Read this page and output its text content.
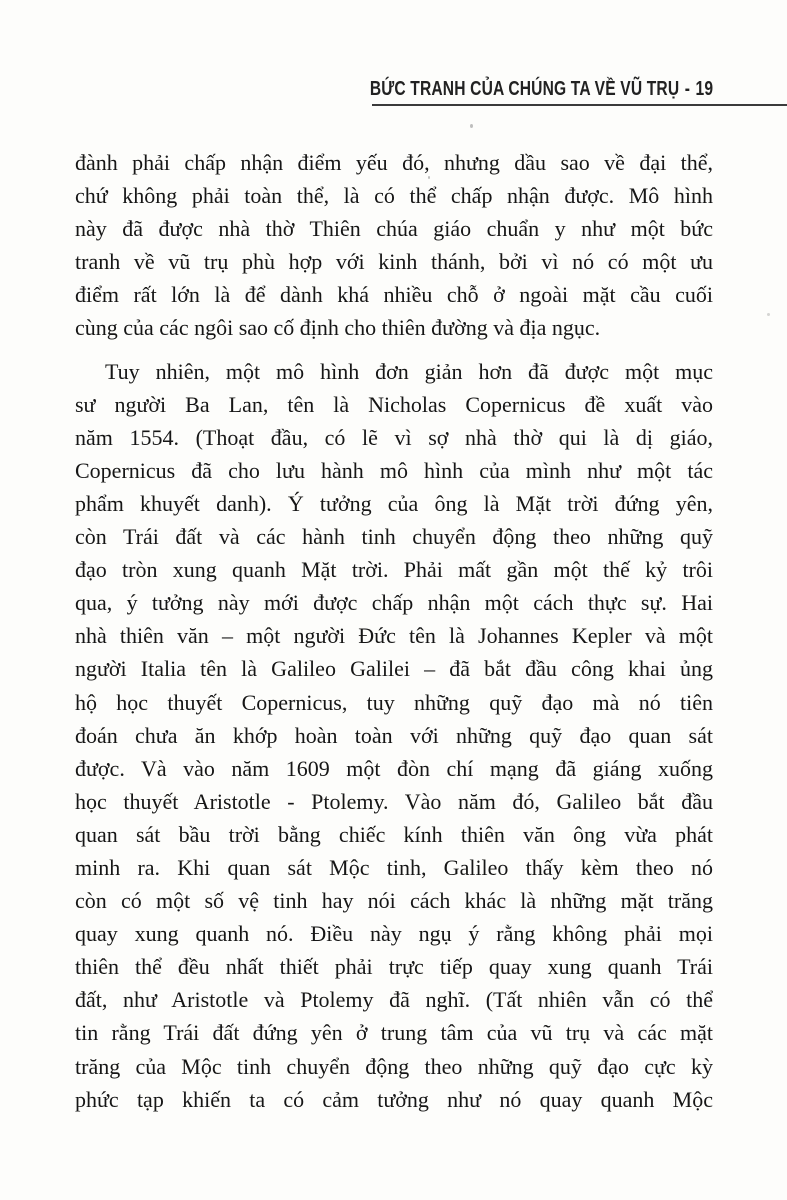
BỨC TRANH CỦA CHÚNG TA VỀ VŨ TRỤ - 19
đành phải chấp nhận điểm yếu đó, nhưng dầu sao về đại thể,
chứ không phải toàn thể, là có thể chấp nhận được. Mô hình
này đã được nhà thờ Thiên chúa giáo chuẩn y như một bức
tranh về vũ trụ phù hợp với kinh thánh, bởi vì nó có một ưu
điểm rất lớn là để dành khá nhiều chỗ ở ngoài mặt cầu cuối
cùng của các ngôi sao cố định cho thiên đường và địa ngục.
Tuy nhiên, một mô hình đơn giản hơn đã được một mục
sư người Ba Lan, tên là Nicholas Copernicus đề xuất vào
năm 1554. (Thoạt đầu, có lẽ vì sợ nhà thờ qui là dị giáo,
Copernicus đã cho lưu hành mô hình của mình như một tác
phẩm khuyết danh). Ý tưởng của ông là Mặt trời đứng yên,
còn Trái đất và các hành tinh chuyển động theo những quỹ
đạo tròn xung quanh Mặt trời. Phải mất gần một thế kỷ trôi
qua, ý tưởng này mới được chấp nhận một cách thực sự. Hai
nhà thiên văn – một người Đức tên là Johannes Kepler và một
người Italia tên là Galileo Galilei – đã bắt đầu công khai ủng
hộ học thuyết Copernicus, tuy những quỹ đạo mà nó tiên
đoán chưa ăn khớp hoàn toàn với những quỹ đạo quan sát
được. Và vào năm 1609 một đòn chí mạng đã giáng xuống
học thuyết Aristotle - Ptolemy. Vào năm đó, Galileo bắt đầu
quan sát bầu trời bằng chiếc kính thiên văn ông vừa phát
minh ra. Khi quan sát Mộc tinh, Galileo thấy kèm theo nó
còn có một số vệ tinh hay nói cách khác là những mặt trăng
quay xung quanh nó. Điều này ngụ ý rằng không phải mọi
thiên thể đều nhất thiết phải trực tiếp quay xung quanh Trái
đất, như Aristotle và Ptolemy đã nghĩ. (Tất nhiên vẫn có thể
tin rằng Trái đất đứng yên ở trung tâm của vũ trụ và các mặt
trăng của Mộc tinh chuyển động theo những quỹ đạo cực kỳ
phức tạp khiến ta có cảm tưởng như nó quay quanh Mộc
